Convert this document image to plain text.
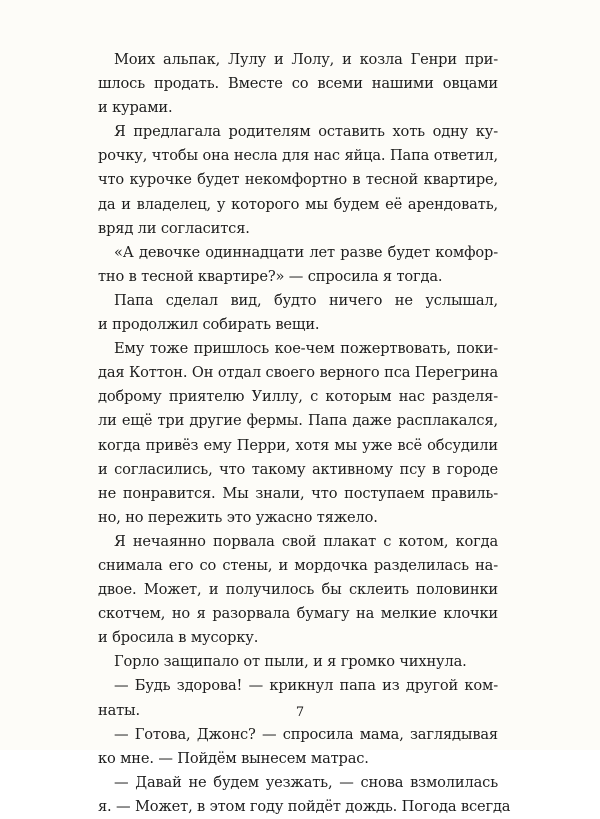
Моих альпак, Лулу и Лолу, и козла Генри при-
шлось продать. Вместе со всеми нашими овцами
и курами.
Я предлагала родителям оставить хоть одну ку-
рочку, чтобы она несла для нас яйца. Папа ответил,
что курочке будет некомфортно в тесной квартире,
да и владелец, у которого мы будем её арендовать,
вряд ли согласится.
«А девочке одиннадцати лет разве будет комфор-
тно в тесной квартире?» — спросила я тогда.
Папа сделал вид, будто ничего не услышал,
и продолжил собирать вещи.
Ему тоже пришлось кое-чем пожертвовать, поки-
дая Коттон. Он отдал своего верного пса Перегрина
доброму приятелю Уиллу, с которым нас разделя-
ли ещё три другие фермы. Папа даже расплакался,
когда привёз ему Перри, хотя мы уже всё обсудили
и согласились, что такому активному псу в городе
не понравится. Мы знали, что поступаем правиль-
но, но пережить это ужасно тяжело.
Я нечаянно порвала свой плакат с котом, когда
снимала его со стены, и мордочка разделилась на-
двое. Может, и получилось бы склеить половинки
скотчем, но я разорвала бумагу на мелкие клочки
и бросила в мусорку.
Горло защипало от пыли, и я громко чихнула.
— Будь здорова! — крикнул папа из другой ком-
наты.
— Готова, Джонс? — спросила мама, заглядывая
ко мне. — Пойдём вынесем матрас.
— Давай не будем уезжать, — снова взмолилась
я. — Может, в этом году пойдёт дождь. Погода всегда
7
